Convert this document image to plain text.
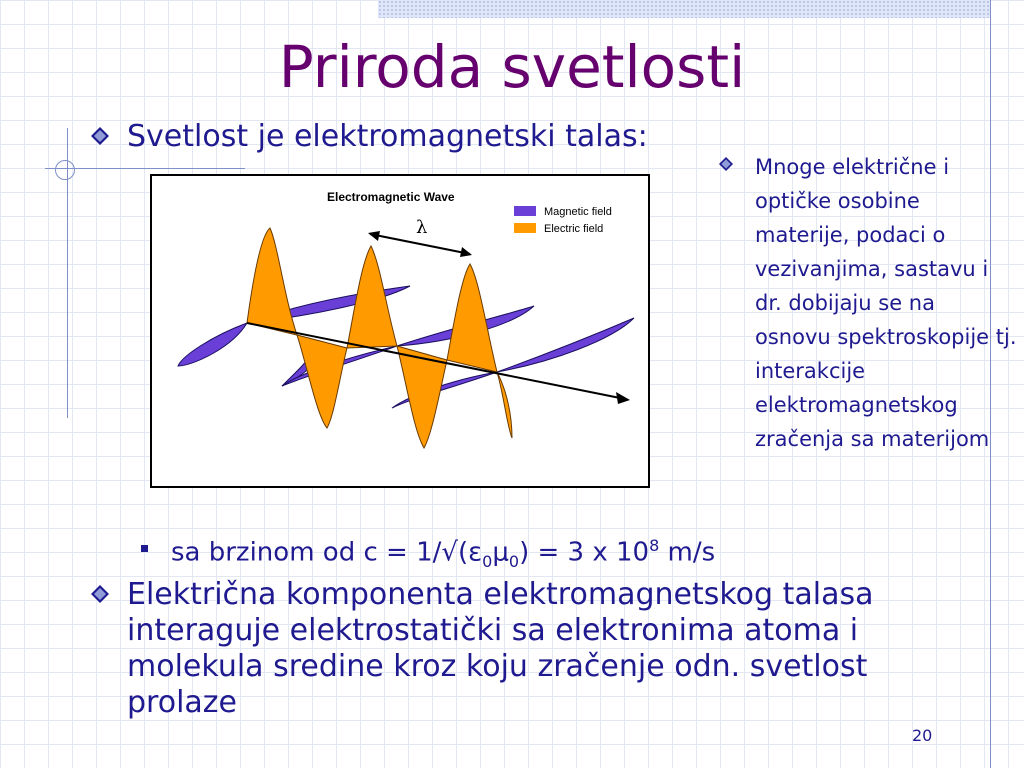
Priroda svetlosti
Svetlost je elektromagnetski talas:
λ
Electromagnetic Wave
Magnetic field
Electric field
Mnoge električne i optičke osobine materije, podaci o vezivanjima, sastavu i dr. dobijaju se na osnovu spektroskopije tj. interakcije elektromagnetskog zračenja sa materijom
sa brzinom od $c = 1/√(\varepsilon_0\mu_0) = 3$ x $10^8$ m/s
Električna komponenta elektromagnetskog talasa interaguje elektrostatički sa elektronima atoma i molekula sredine kroz koju zračenje odn. svetlost prolaze
20
